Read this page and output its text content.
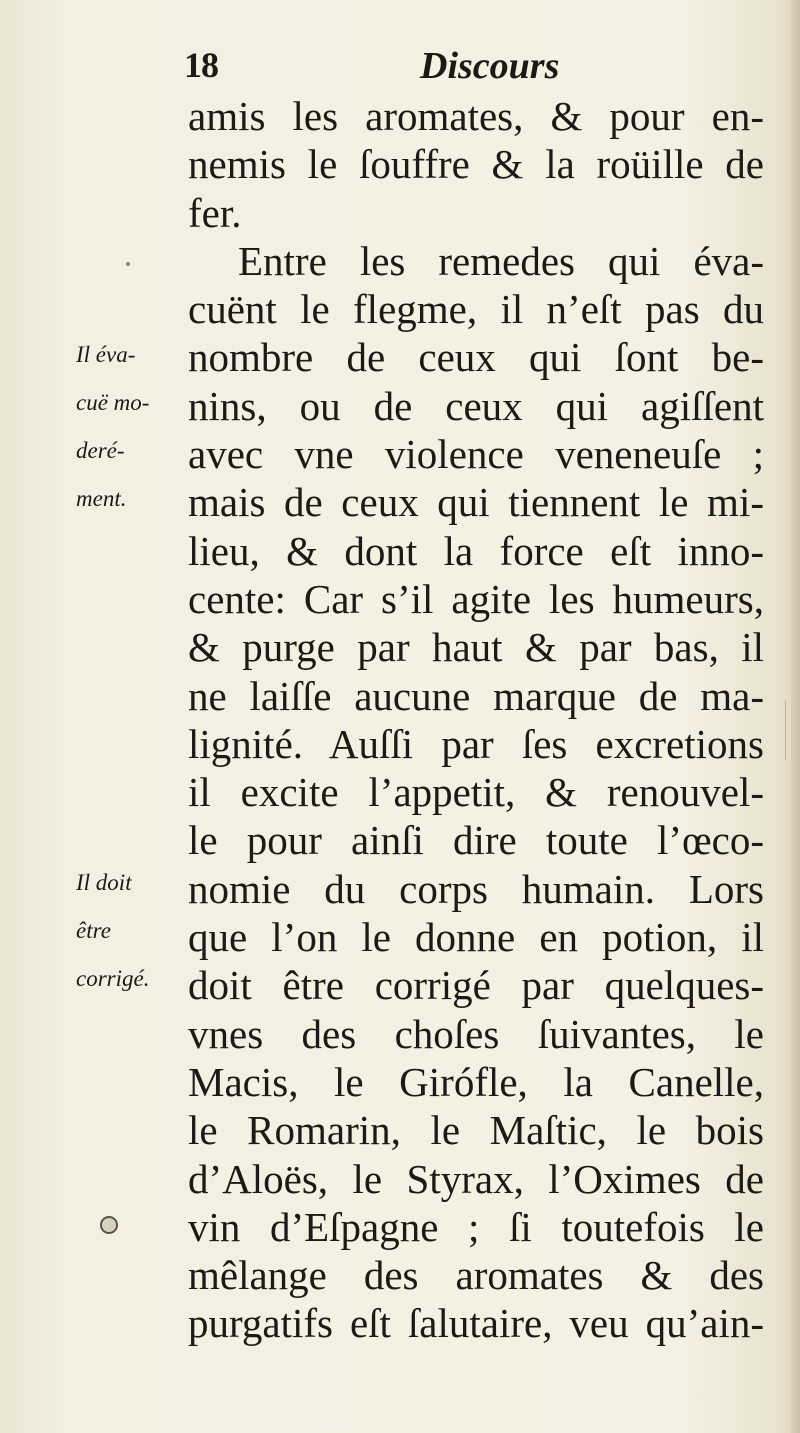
18	Discours
amis les aromates, & pour en-
nemis le ſouffre & la roüille de
fer.
Entre les remedes qui éva-
cuënt le flegme, il n’eſt pas du
nombre de ceux qui ſont be-
nins, ou de ceux qui agiſſent
avec vne violence veneneuſe ;
mais de ceux qui tiennent le mi-
lieu, & dont la force eſt inno-
cente: Car s’il agite les humeurs,
& purge par haut & par bas, il
ne laiſſe aucune marque de ma-
lignité. Auſſi par ſes excretions
il excite l’appetit, & renouvel-
le pour ainſi dire toute l’œco-
nomie du corps humain. Lors
que l’on le donne en potion, il
doit être corrigé par quelques-
vnes des choſes ſuivantes, le
Macis, le Girófle, la Canelle,
le Romarin, le Maſtic, le bois
d’Aloës, le Styrax, l’Oximes de
vin d’Eſpagne ; ſi toutefois le
mêlange des aromates & des
purgatifs eſt ſalutaire, veu qu’ain-
Il éva-
cuë mo-
deré-
ment.
Il doit
être
corrigé.
